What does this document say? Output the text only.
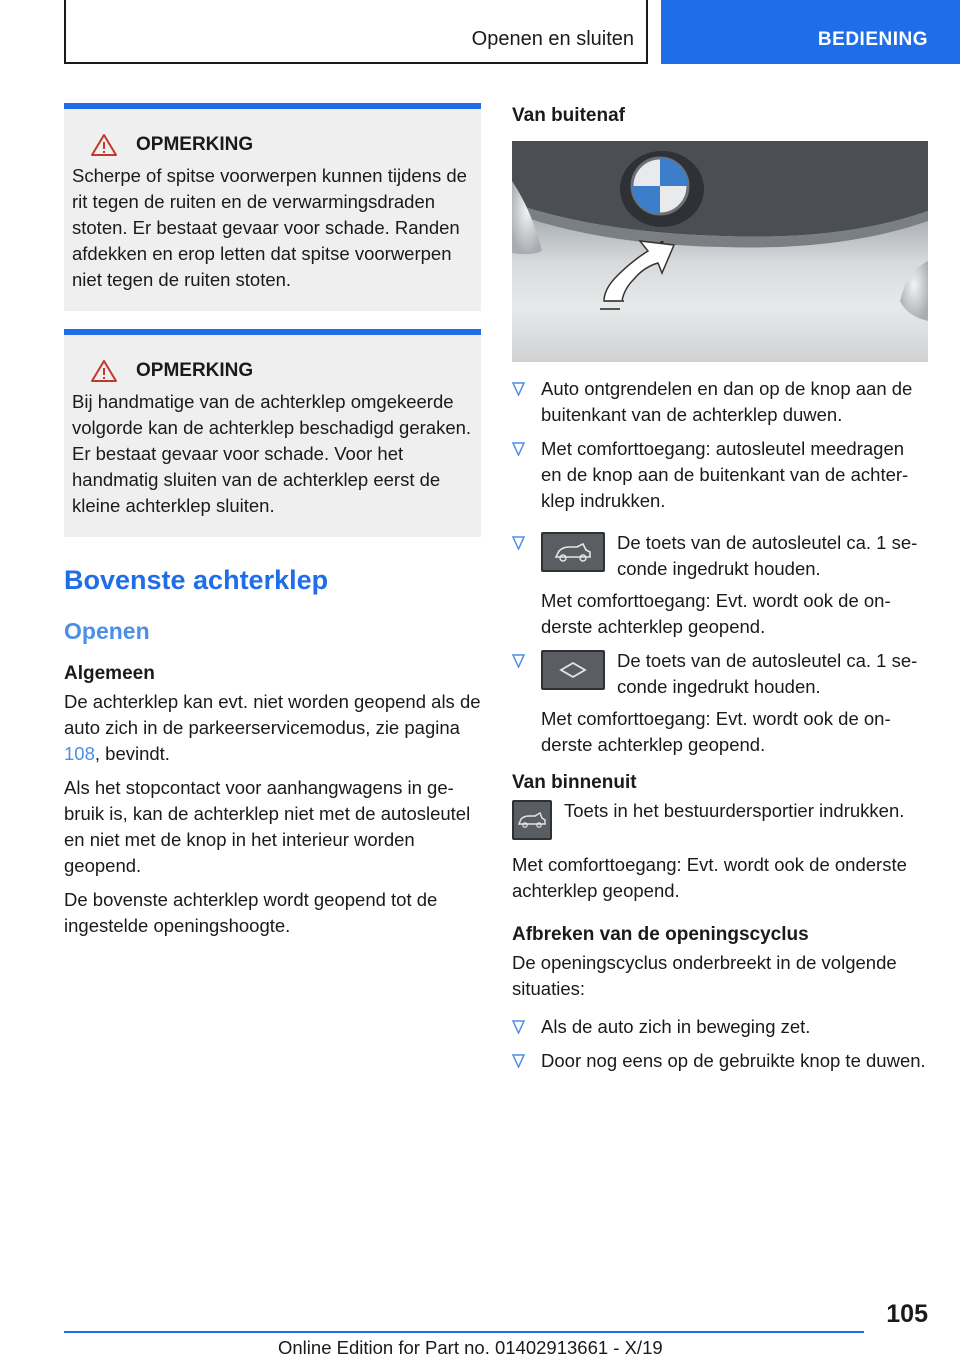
Openen en sluiten	BEDIENING
OPMERKING

Scherpe of spitse voorwerpen kunnen tijdens de rit tegen de ruiten en de verwarmingsdraden stoten. Er bestaat gevaar voor schade. Randen afdekken en erop letten dat spitse voorwerpen niet tegen de ruiten stoten.

OPMERKING

Bij handmatige van de achterklep omgekeerde volgorde kan de achterklep beschadigd geraken. Er bestaat gevaar voor schade. Voor het handmatig sluiten van de achterklep eerst de kleine achterklep sluiten.

Bovenste achterklep
Openen
Algemeen

De achterklep kan evt. niet worden geopend als de auto zich in de parkeerservicemodus, zie pagina 108, bevindt.

Als het stopcontact voor aanhangwagens in gebruik is, kan de achterklep niet met de autosleutel en niet met de knop in het interieur worden geopend.

De bovenste achterklep wordt geopend tot de ingestelde openingshoogte.

Van buitenaf
Auto ontgrendelen en dan op de knop aan de buitenkant van de achterklep duwen.
Met comforttoegang: autosleutel meedragen en de knop aan de buitenkant van de achterklep indrukken.
De toets van de autosleutel ca. 1 seconde ingedrukt houden.

Met comforttoegang: Evt. wordt ook de onderste achterklep geopend.

De toets van de autosleutel ca. 1 seconde ingedrukt houden.

Met comforttoegang: Evt. wordt ook de onderste achterklep geopend.

Van binnenuit
Toets in het bestuurdersportier indrukken.

Met comforttoegang: Evt. wordt ook de onderste achterklep geopend.

Afbreken van de openingscyclus

De openingscyclus onderbreekt in de volgende situaties:

Als de auto zich in beweging zet.
Door nog eens op de gebruikte knop te duwen.
105
Online Edition for Part no. 01402913661 - X/19
